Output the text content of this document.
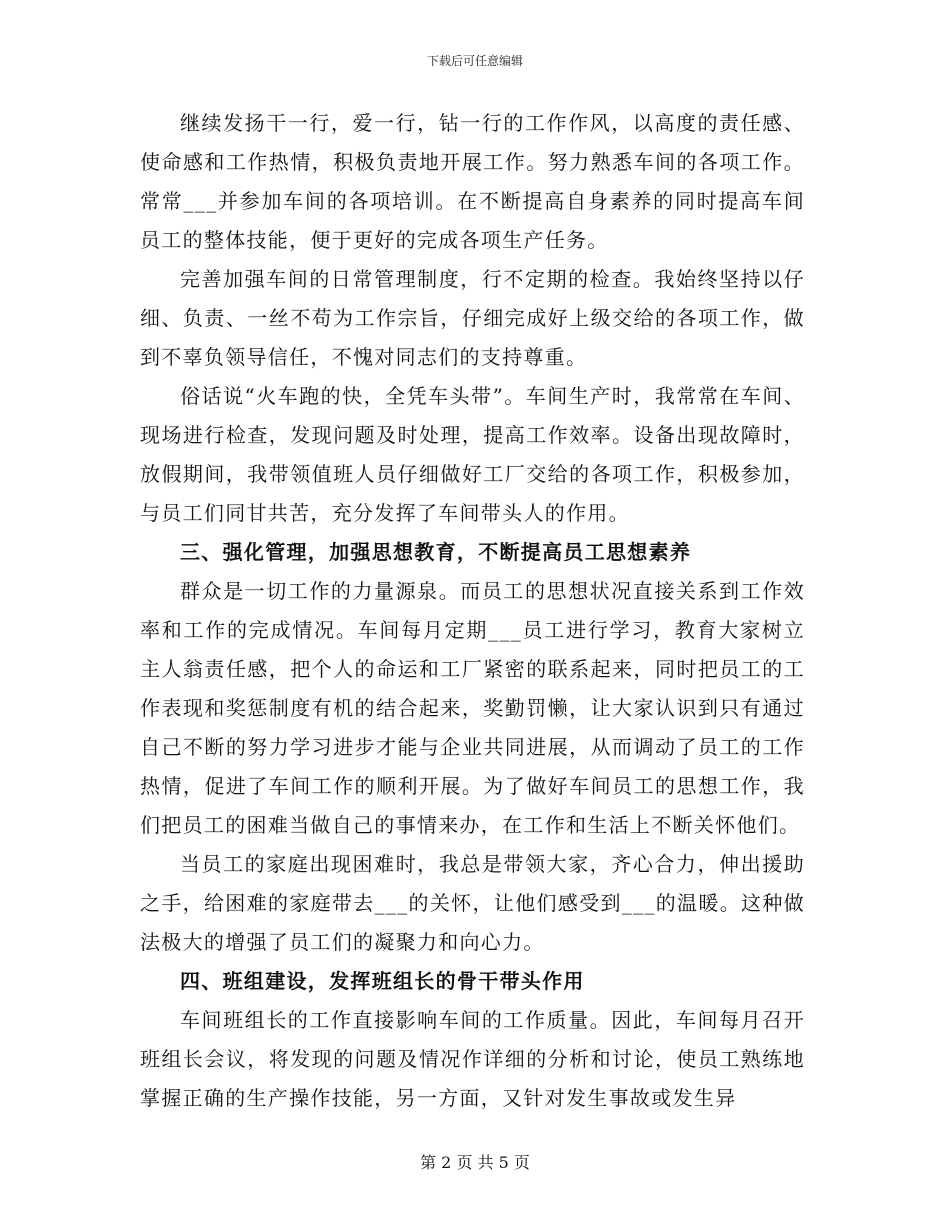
下载后可任意编辑

继续发扬干一行，爱一行，钻一行的工作作风，以高度的责任感、使命感和工作热情，积极负责地开展工作。努力熟悉车间的各项工作。常常___并参加车间的各项培训。在不断提高自身素养的同时提高车间员工的整体技能，便于更好的完成各项生产任务。

完善加强车间的日常管理制度，行不定期的检查。我始终坚持以仔细、负责、一丝不苟为工作宗旨，仔细完成好上级交给的各项工作，做到不辜负领导信任，不愧对同志们的支持尊重。

俗话说“火车跑的快，全凭车头带”。车间生产时，我常常在车间、现场进行检查，发现问题及时处理，提高工作效率。设备出现故障时，放假期间，我带领值班人员仔细做好工厂交给的各项工作，积极参加，与员工们同甘共苦，充分发挥了车间带头人的作用。

三、强化管理，加强思想教育，不断提高员工思想素养

群众是一切工作的力量源泉。而员工的思想状况直接关系到工作效率和工作的完成情况。车间每月定期___员工进行学习，教育大家树立主人翁责任感，把个人的命运和工厂紧密的联系起来，同时把员工的工作表现和奖惩制度有机的结合起来，奖勤罚懒，让大家认识到只有通过自己不断的努力学习进步才能与企业共同进展，从而调动了员工的工作热情，促进了车间工作的顺利开展。为了做好车间员工的思想工作，我们把员工的困难当做自己的事情来办，在工作和生活上不断关怀他们。

当员工的家庭出现困难时，我总是带领大家，齐心合力，伸出援助之手，给困难的家庭带去___的关怀，让他们感受到___的温暖。这种做法极大的增强了员工们的凝聚力和向心力。

四、班组建设，发挥班组长的骨干带头作用

车间班组长的工作直接影响车间的工作质量。因此，车间每月召开班组长会议，将发现的问题及情况作详细的分析和讨论，使员工熟练地掌握正确的生产操作技能，另一方面，又针对发生事故或发生异

第 2 页 共 5 页
